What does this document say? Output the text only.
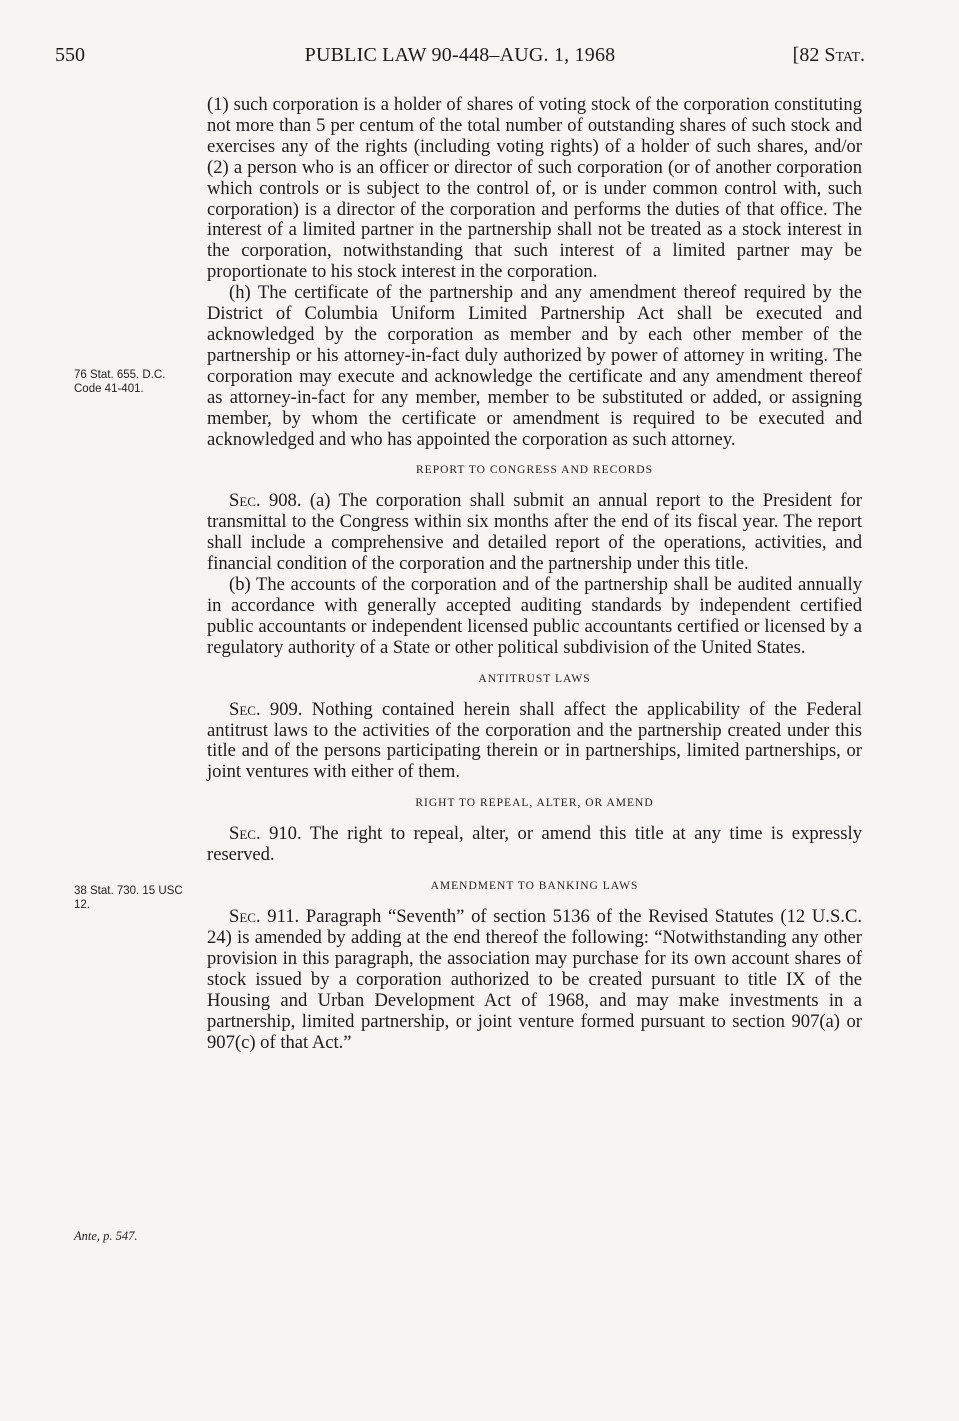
550	PUBLIC LAW 90-448–AUG. 1, 1968	[82 Stat.
76 Stat. 655. D.C. Code 41-401.
38 Stat. 730. 15 USC 12.
Ante, p. 547.

(1) such corporation is a holder of shares of voting stock of the corporation constituting not more than 5 per centum of the total number of outstanding shares of such stock and exercises any of the rights (including voting rights) of a holder of such shares, and/or (2) a person who is an officer or director of such corporation (or of another corporation which controls or is subject to the control of, or is under common control with, such corporation) is a director of the corporation and performs the duties of that office. The interest of a limited partner in the partnership shall not be treated as a stock interest in the corporation, notwithstanding that such interest of a limited partner may be proportionate to his stock interest in the corporation.

(h) The certificate of the partnership and any amendment thereof required by the District of Columbia Uniform Limited Partnership Act shall be executed and acknowledged by the corporation as member and by each other member of the partnership or his attorney-in-fact duly authorized by power of attorney in writing. The corporation may execute and acknowledge the certificate and any amendment thereof as attorney-in-fact for any member, member to be substituted or added, or assigning member, by whom the certificate or amendment is required to be executed and acknowledged and who has appointed the corporation as such attorney.

REPORT TO CONGRESS AND RECORDS

Sec. 908. (a) The corporation shall submit an annual report to the President for transmittal to the Congress within six months after the end of its fiscal year. The report shall include a comprehensive and detailed report of the operations, activities, and financial condition of the corporation and the partnership under this title.

(b) The accounts of the corporation and of the partnership shall be audited annually in accordance with generally accepted auditing standards by independent certified public accountants or independent licensed public accountants certified or licensed by a regulatory authority of a State or other political subdivision of the United States.

ANTITRUST LAWS

Sec. 909. Nothing contained herein shall affect the applicability of the Federal antitrust laws to the activities of the corporation and the partnership created under this title and of the persons participating therein or in partnerships, limited partnerships, or joint ventures with either of them.

RIGHT TO REPEAL, ALTER, OR AMEND

Sec. 910. The right to repeal, alter, or amend this title at any time is expressly reserved.

AMENDMENT TO BANKING LAWS

Sec. 911. Paragraph “Seventh” of section 5136 of the Revised Statutes (12 U.S.C. 24) is amended by adding at the end thereof the following: “Notwithstanding any other provision in this paragraph, the association may purchase for its own account shares of stock issued by a corporation authorized to be created pursuant to title IX of the Housing and Urban Development Act of 1968, and may make investments in a partnership, limited partnership, or joint venture formed pursuant to section 907(a) or 907(c) of that Act.”
